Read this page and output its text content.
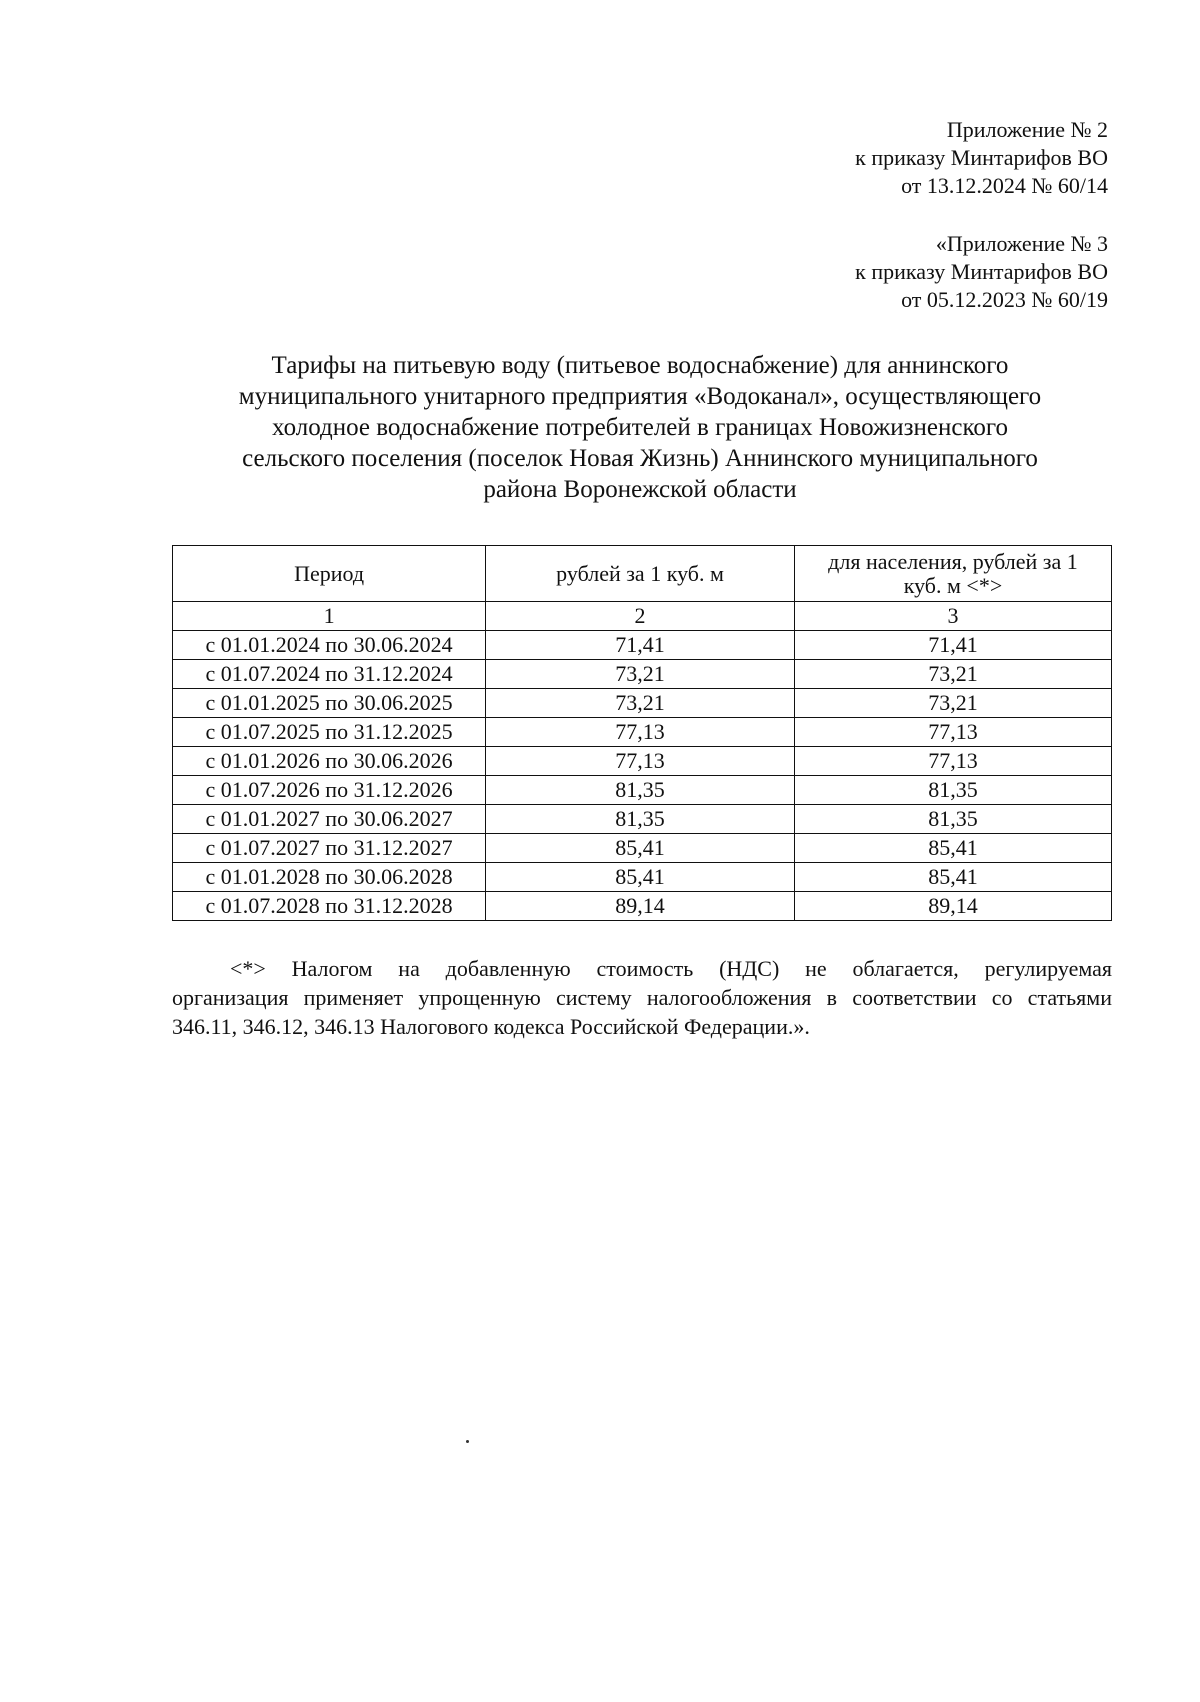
Приложение № 2
к приказу Минтарифов ВО
от 13.12.2024 № 60/14
«Приложение № 3
к приказу Минтарифов ВО
от 05.12.2023 № 60/19
Тарифы на питьевую воду (питьевое водоснабжение) для аннинского
муниципального унитарного предприятия «Водоканал», осуществляющего
холодное водоснабжение потребителей в границах Новожизненского
сельского поселения (поселок Новая Жизнь) Аннинского муниципального
района Воронежской области
Период	рублей за 1 куб. м	для населения, рублей за 1
куб. м <*>

1	2	3
с 01.01.2024 по 30.06.2024	71,41	71,41
с 01.07.2024 по 31.12.2024	73,21	73,21
с 01.01.2025 по 30.06.2025	73,21	73,21
с 01.07.2025 по 31.12.2025	77,13	77,13
с 01.01.2026 по 30.06.2026	77,13	77,13
с 01.07.2026 по 31.12.2026	81,35	81,35
с 01.01.2027 по 30.06.2027	81,35	81,35
с 01.07.2027 по 31.12.2027	85,41	85,41
с 01.01.2028 по 30.06.2028	85,41	85,41
с 01.07.2028 по 31.12.2028	89,14	89,14
<*> Налогом на добавленную стоимость (НДС) не облагается, регулируемая
организация применяет упрощенную систему налогообложения в соответствии со статьями
346.11, 346.12, 346.13 Налогового кодекса Российской Федерации.».
